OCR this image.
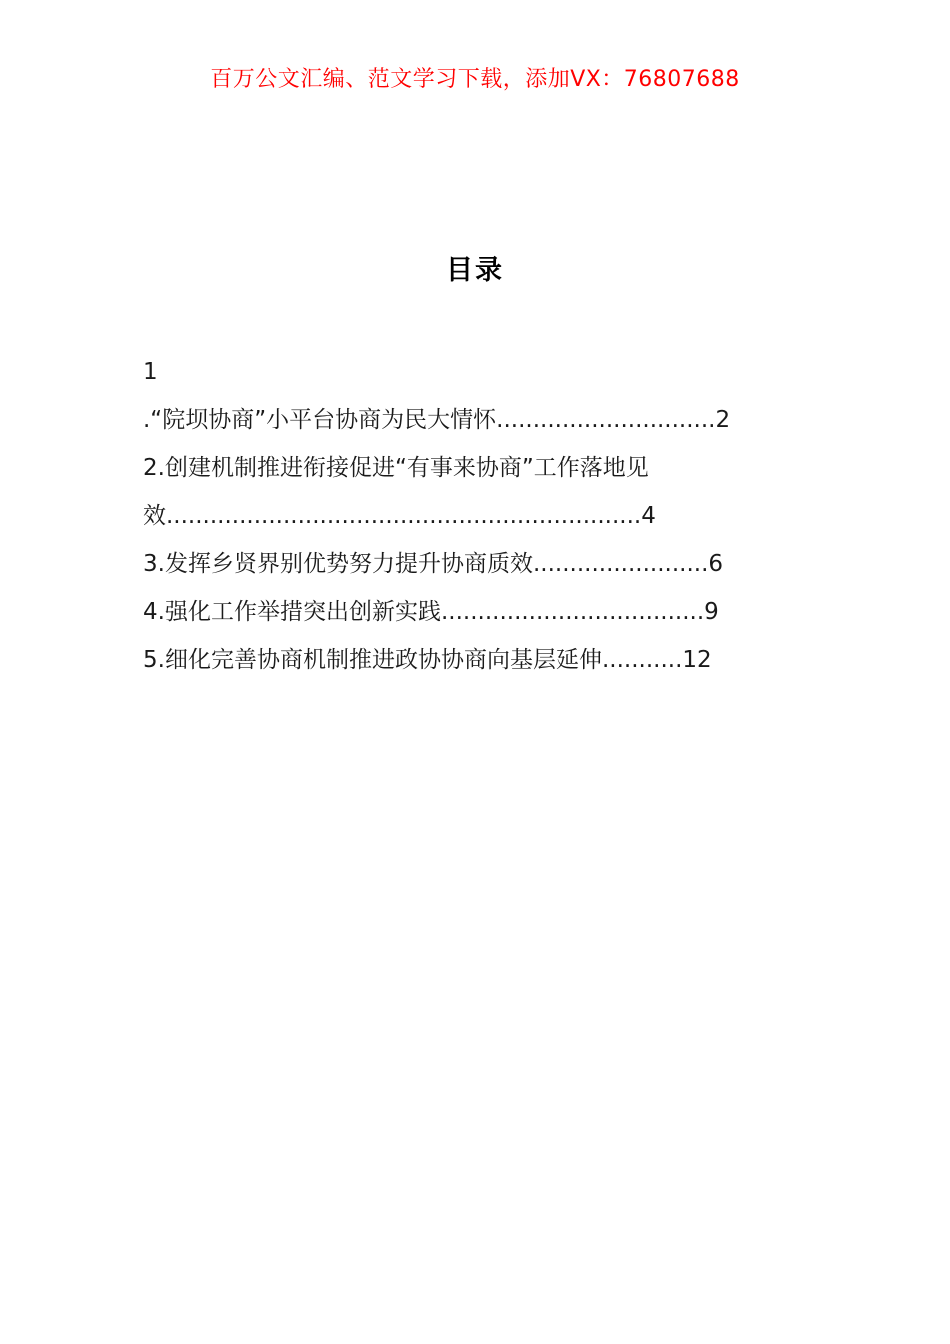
百万公文汇编、范文学习下载，添加VX：76807688
目录
1
.“院坝协商”小平台协商为民大情怀..............................2
2.创建机制推进衔接促进“有事来协商”工作落地见效.................................................................4
3.发挥乡贤界别优势努力提升协商质效........................6
4.强化工作举措突出创新实践....................................9
5.细化完善协商机制推进政协协商向基层延伸...........12
